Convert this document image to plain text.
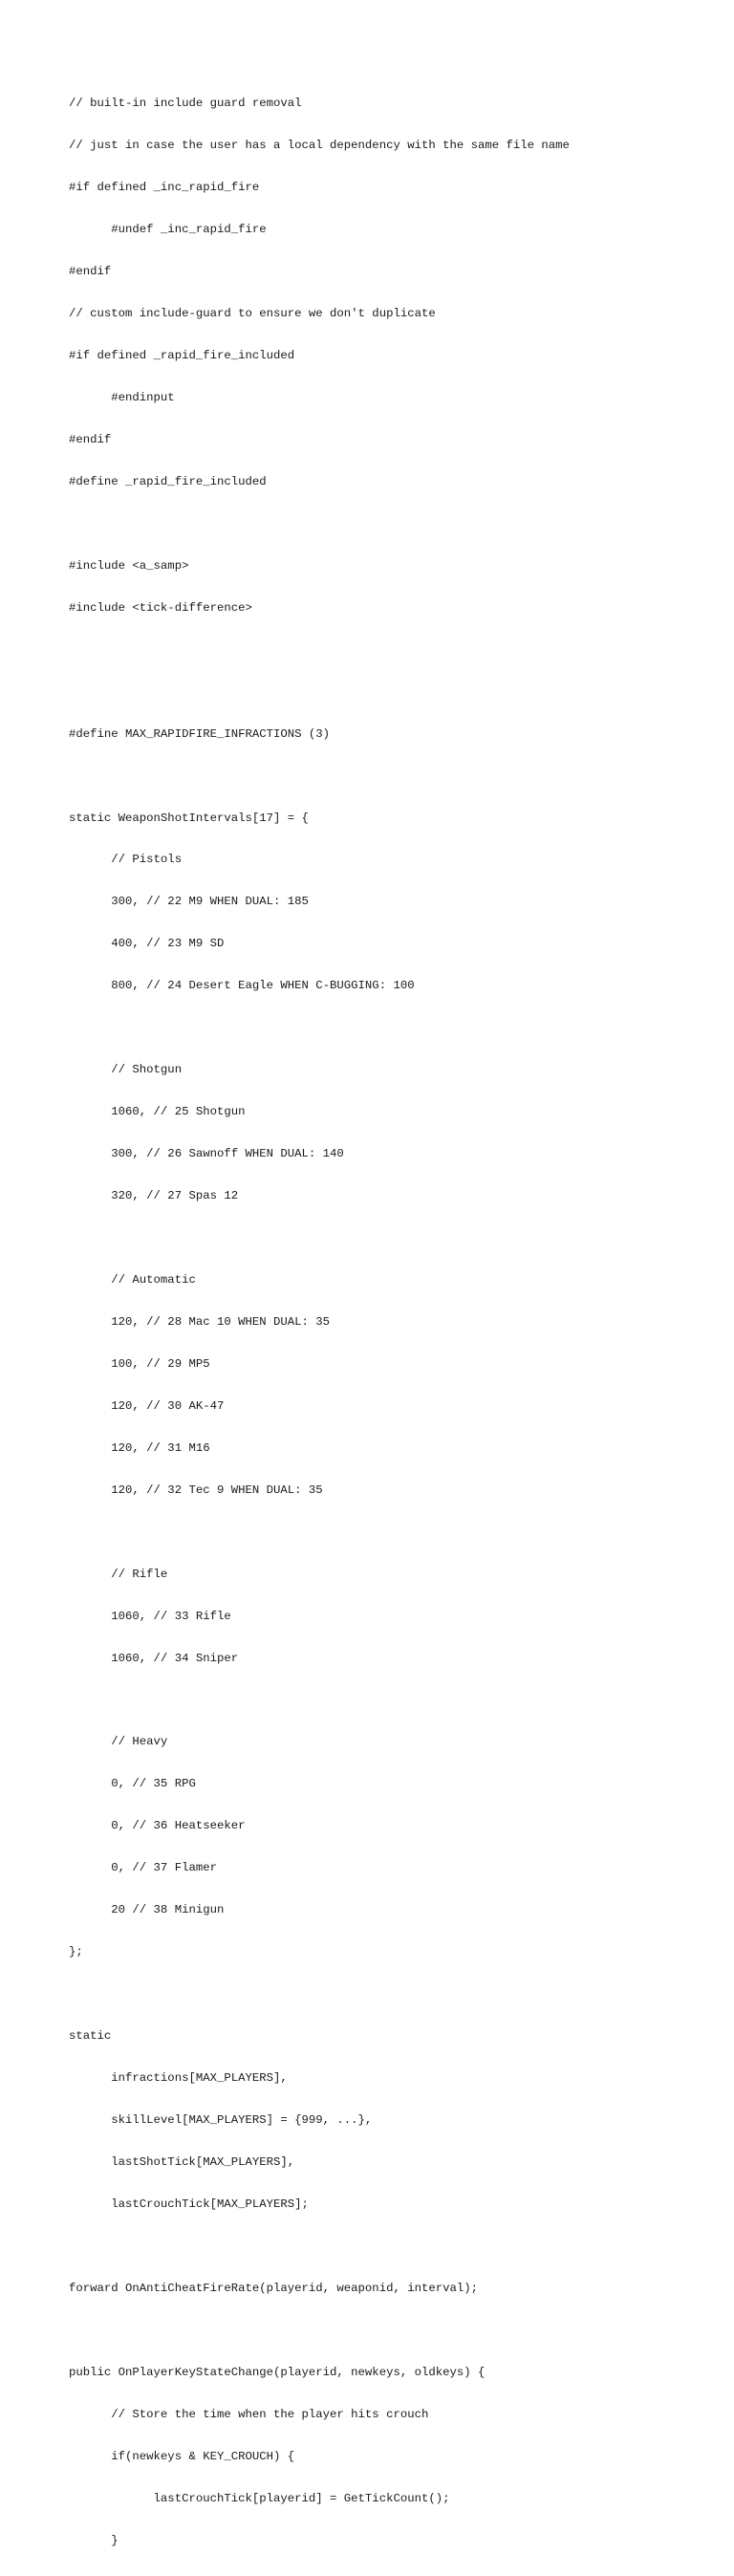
// built-in include guard removal

// just in case the user has a local dependency with the same file name

#if defined _inc_rapid_fire

#undef _inc_rapid_fire

#endif

// custom include-guard to ensure we don't duplicate

#if defined _rapid_fire_included

#endinput

#endif

#define _rapid_fire_included

#include <a_samp>

#include <tick-difference>

#define MAX_RAPIDFIRE_INFRACTIONS (3)

static WeaponShotIntervals[17] = {

// Pistols

300, // 22 M9 WHEN DUAL: 185

400, // 23 M9 SD

800, // 24 Desert Eagle WHEN C-BUGGING: 100

// Shotgun

1060, // 25 Shotgun

300, // 26 Sawnoff WHEN DUAL: 140

320, // 27 Spas 12

// Automatic

120, // 28 Mac 10 WHEN DUAL: 35

100, // 29 MP5

120, // 30 AK-47

120, // 31 M16

120, // 32 Tec 9 WHEN DUAL: 35

// Rifle

1060, // 33 Rifle

1060, // 34 Sniper

// Heavy

0, // 35 RPG

0, // 36 Heatseeker

0, // 37 Flamer

20 // 38 Minigun

};

static

infractions[MAX_PLAYERS],

skillLevel[MAX_PLAYERS] = {999, ...},

lastShotTick[MAX_PLAYERS],

lastCrouchTick[MAX_PLAYERS];

forward OnAntiCheatFireRate(playerid, weaponid, interval);

public OnPlayerKeyStateChange(playerid, newkeys, oldkeys) {

// Store the time when the player hits crouch

if(newkeys & KEY_CROUCH) {

lastCrouchTick[playerid] = GetTickCount();

}
